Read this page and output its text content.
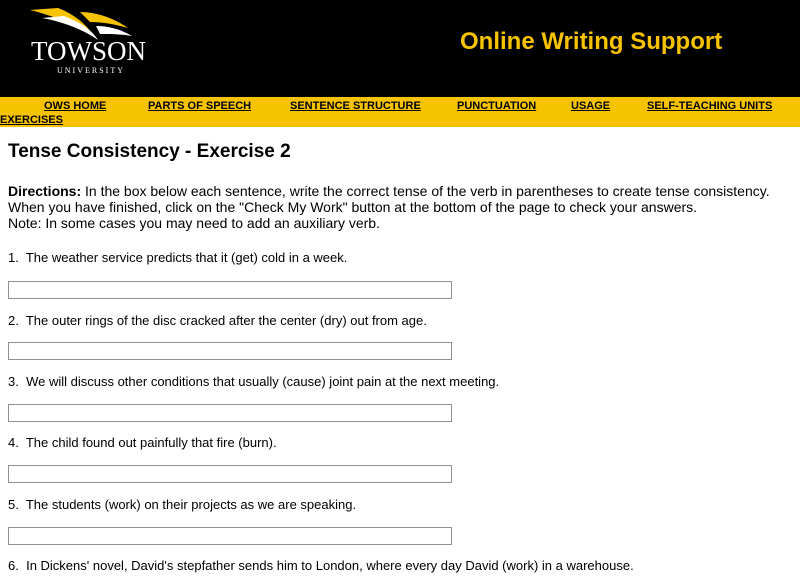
TOWSON
UNIVERSITY
Online Writing Support
OWS HOME	PARTS OF SPEECH	SENTENCE STRUCTURE	PUNCTUATION	USAGE	SELF-TEACHING UNITS
EXERCISES
Tense Consistency - Exercise 2
Directions: In the box below each sentence, write the correct tense of the verb in parentheses to create tense consistency. When you have finished, click on the "Check My Work" button at the bottom of the page to check your answers.
Note: In some cases you may need to add an auxiliary verb.
1. The weather service predicts that it (get) cold in a week.
2. The outer rings of the disc cracked after the center (dry) out from age.
3. We will discuss other conditions that usually (cause) joint pain at the next meeting.
4. The child found out painfully that fire (burn).
5. The students (work) on their projects as we are speaking.
6. In Dickens' novel, David's stepfather sends him to London, where every day David (work) in a warehouse.
